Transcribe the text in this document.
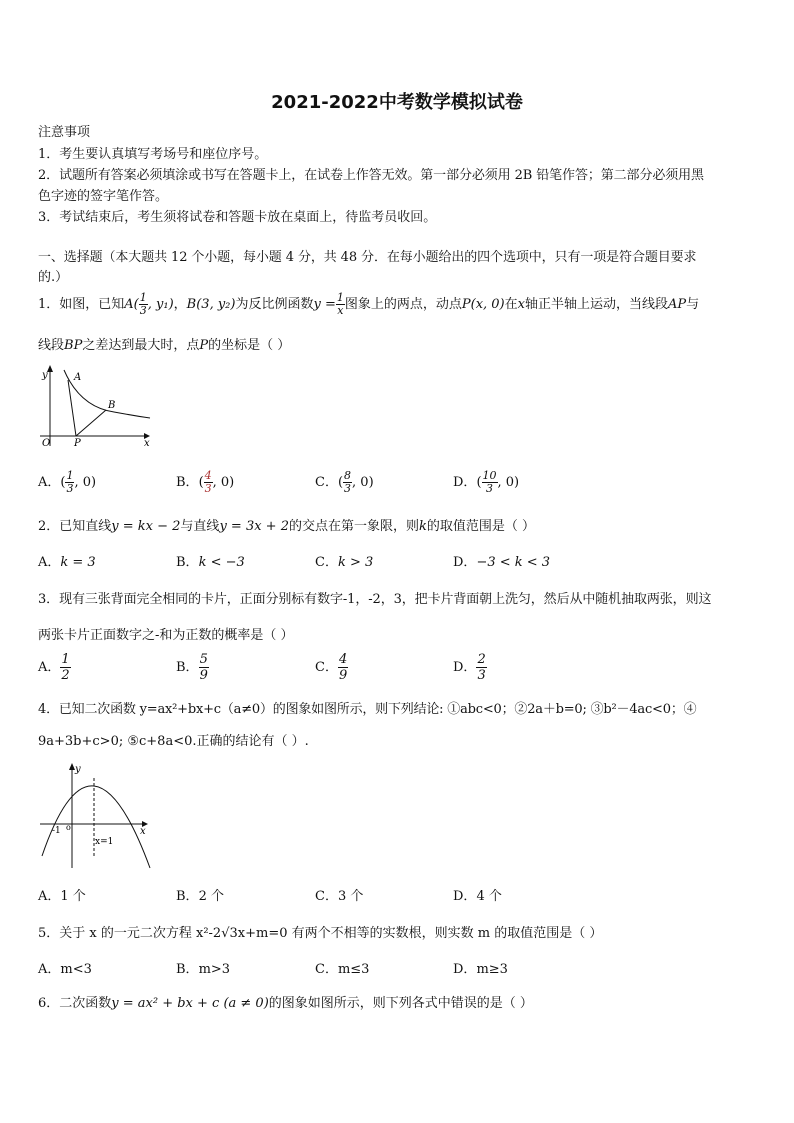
2021-2022中考数学模拟试卷
注意事项
1．考生要认真填写考场号和座位序号。
2．试题所有答案必须填涂或书写在答题卡上，在试卷上作答无效。第一部分必须用 2B 铅笔作答；第二部分必须用黑
色字迹的签字笔作答。
3．考试结束后，考生须将试卷和答题卡放在桌面上，待监考员收回。
一、选择题（本大题共 12 个小题，每小题 4 分，共 48 分．在每小题给出的四个选项中，只有一项是符合题目要求
的.）
1．如图，已知$A( \frac{1}{3}$ , y₁)，B(3, y₂)为反比例函数$y = \frac{1}{x}$ 图象上的两点，动点P(x, 0)在x轴正半轴上运动，当线段AP与
线段BP之差达到最大时，点P的坐标是（ ）
y
x
O
A
B
P
A．( $\frac{1}{3}$ , 0)	B．( $\frac{4}{3}$ , 0)	C．( $\frac{8}{3}$ , 0)	D．( $\frac{10}{3}$ , 0)
2．已知直线y = kx − 2与直线y = 3x + 2的交点在第一象限，则k的取值范围是（ ）
A．k = 3	B．k < −3	C．k > 3	D．−3 < k < 3
3．现有三张背面完全相同的卡片，正面分别标有数字-1，-2，3，把卡片背面朝上洗匀，然后从中随机抽取两张，则这
两张卡片正面数字之-和为正数的概率是（ ）
A． $\frac{1}{2}$	B． $\frac{5}{9}$	C． $\frac{4}{9}$	D． $\frac{2}{3}$
4．已知二次函数 y=ax²+bx+c（a≠0）的图象如图所示，则下列结论: ①abc<0；②2a＋b=0; ③b²－4ac<0；④
9a+3b+c>0; ⑤c+8a<0.正确的结论有（ ）.
y
x
o
-1
x=1
A．1 个	B．2 个	C．3 个	D．4 个
5．关于 x 的一元二次方程 x²-2√3x+m=0 有两个不相等的实数根，则实数 m 的取值范围是（ ）
A．m<3	B．m>3	C．m≤3	D．m≥3
6．二次函数y = ax² + bx + c (a ≠ 0)的图象如图所示，则下列各式中错误的是（ ）
